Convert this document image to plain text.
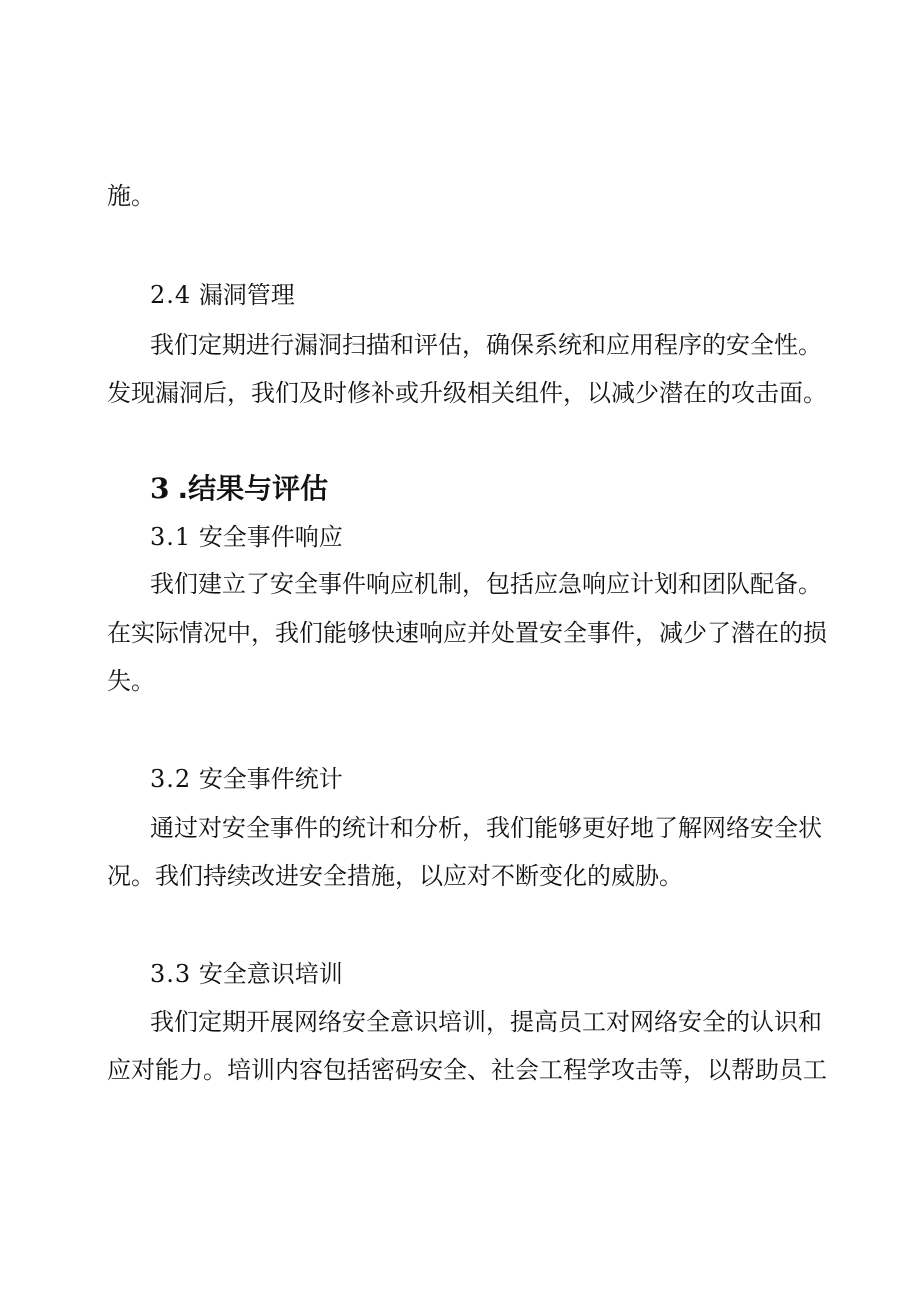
施。
2.4 漏洞管理
我们定期进行漏洞扫描和评估，确保系统和应用程序的安全性。
发现漏洞后，我们及时修补或升级相关组件，以减少潜在的攻击面。
3 .结果与评估
3.1 安全事件响应
我们建立了安全事件响应机制，包括应急响应计划和团队配备。
在实际情况中，我们能够快速响应并处置安全事件，减少了潜在的损
失。
3.2 安全事件统计
通过对安全事件的统计和分析，我们能够更好地了解网络安全状
况。我们持续改进安全措施，以应对不断变化的威胁。
3.3 安全意识培训
我们定期开展网络安全意识培训，提高员工对网络安全的认识和
应对能力。培训内容包括密码安全、社会工程学攻击等，以帮助员工
